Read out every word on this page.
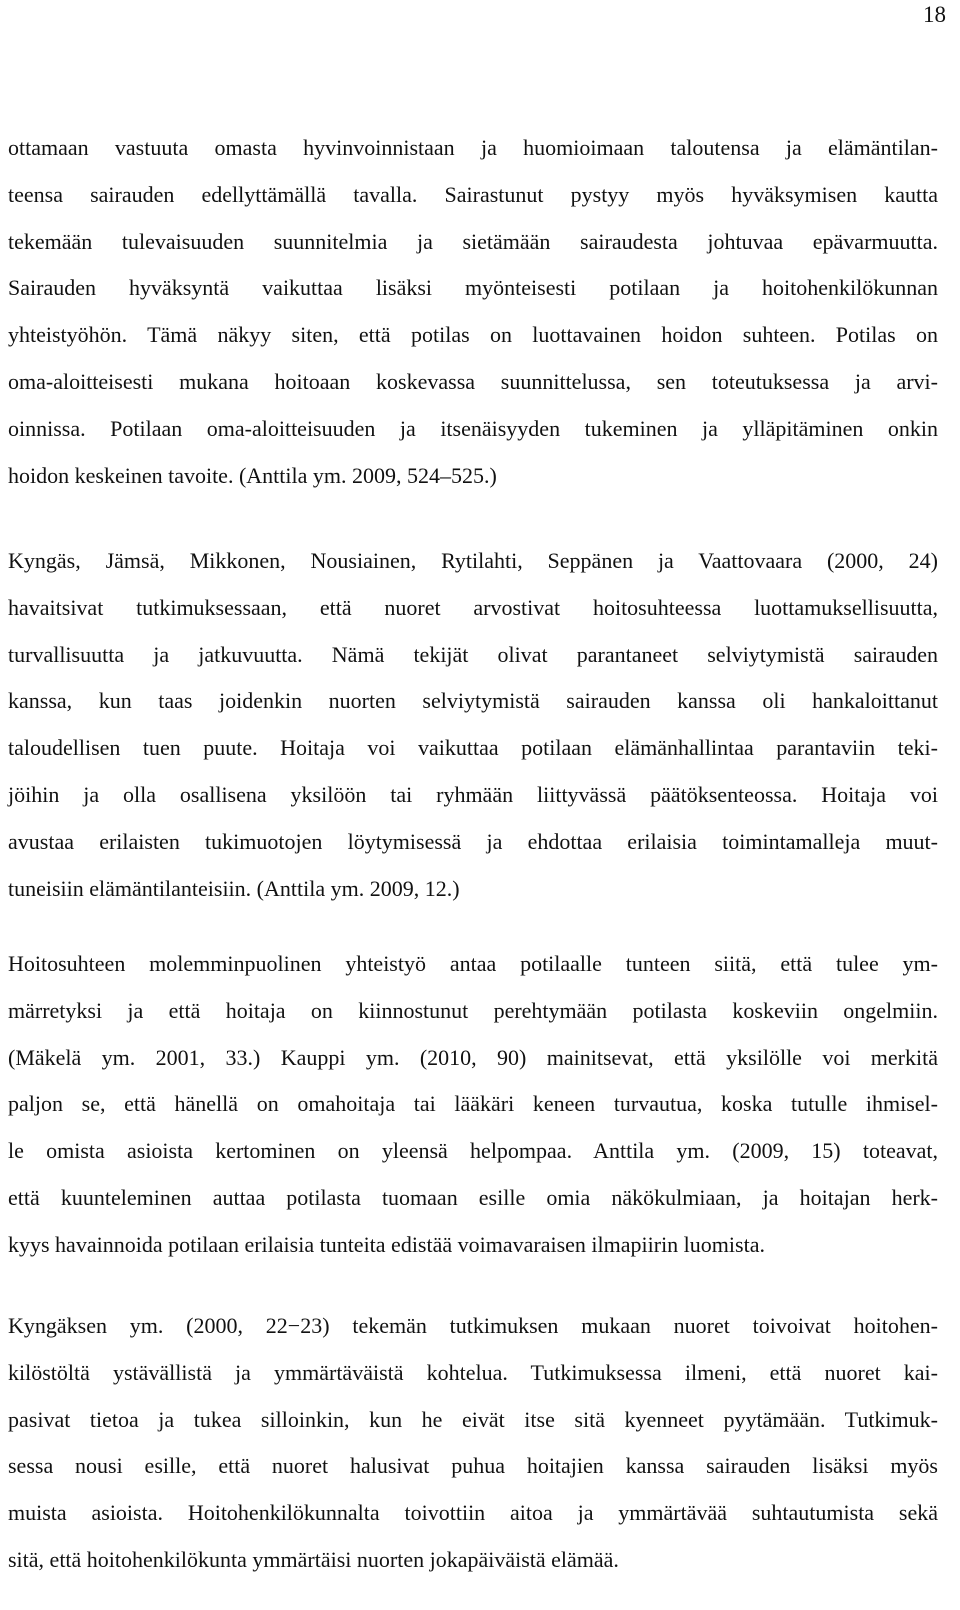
18
ottamaan vastuuta omasta hyvinvoinnistaan ja huomioimaan taloutensa ja elämäntilan-
teensa sairauden edellyttämällä tavalla. Sairastunut pystyy myös hyväksymisen kautta
tekemään tulevaisuuden suunnitelmia ja sietämään sairaudesta johtuvaa epävarmuutta.
Sairauden hyväksyntä vaikuttaa lisäksi myönteisesti potilaan ja hoitohenkilökunnan
yhteistyöhön. Tämä näkyy siten, että potilas on luottavainen hoidon suhteen. Potilas on
oma-aloitteisesti mukana hoitoaan koskevassa suunnittelussa, sen toteutuksessa ja arvi-
oinnissa. Potilaan oma-aloitteisuuden ja itsenäisyyden tukeminen ja ylläpitäminen onkin
hoidon keskeinen tavoite. (Anttila ym. 2009, 524–525.)
Kyngäs, Jämsä, Mikkonen, Nousiainen, Rytilahti, Seppänen ja Vaattovaara (2000, 24)
havaitsivat tutkimuksessaan, että nuoret arvostivat hoitosuhteessa luottamuksellisuutta,
turvallisuutta ja jatkuvuutta. Nämä tekijät olivat parantaneet selviytymistä sairauden
kanssa, kun taas joidenkin nuorten selviytymistä sairauden kanssa oli hankaloittanut
taloudellisen tuen puute. Hoitaja voi vaikuttaa potilaan elämänhallintaa parantaviin teki-
jöihin ja olla osallisena yksilöön tai ryhmään liittyvässä päätöksenteossa. Hoitaja voi
avustaa erilaisten tukimuotojen löytymisessä ja ehdottaa erilaisia toimintamalleja muut-
tuneisiin elämäntilanteisiin. (Anttila ym. 2009, 12.)
Hoitosuhteen molemminpuolinen yhteistyö antaa potilaalle tunteen siitä, että tulee ym-
märretyksi ja että hoitaja on kiinnostunut perehtymään potilasta koskeviin ongelmiin.
(Mäkelä ym. 2001, 33.) Kauppi ym. (2010, 90) mainitsevat, että yksilölle voi merkitä
paljon se, että hänellä on omahoitaja tai lääkäri keneen turvautua, koska tutulle ihmisel-
le omista asioista kertominen on yleensä helpompaa. Anttila ym. (2009, 15) toteavat,
että kuunteleminen auttaa potilasta tuomaan esille omia näkökulmiaan, ja hoitajan herk-
kyys havainnoida potilaan erilaisia tunteita edistää voimavaraisen ilmapiirin luomista.
Kyngäksen ym. (2000, 22−23) tekemän tutkimuksen mukaan nuoret toivoivat hoitohen-
kilöstöltä ystävällistä ja ymmärtäväistä kohtelua. Tutkimuksessa ilmeni, että nuoret kai-
pasivat tietoa ja tukea silloinkin, kun he eivät itse sitä kyenneet pyytämään. Tutkimuk-
sessa nousi esille, että nuoret halusivat puhua hoitajien kanssa sairauden lisäksi myös
muista asioista. Hoitohenkilökunnalta toivottiin aitoa ja ymmärtävää suhtautumista sekä
sitä, että hoitohenkilökunta ymmärtäisi nuorten jokapäiväistä elämää.
